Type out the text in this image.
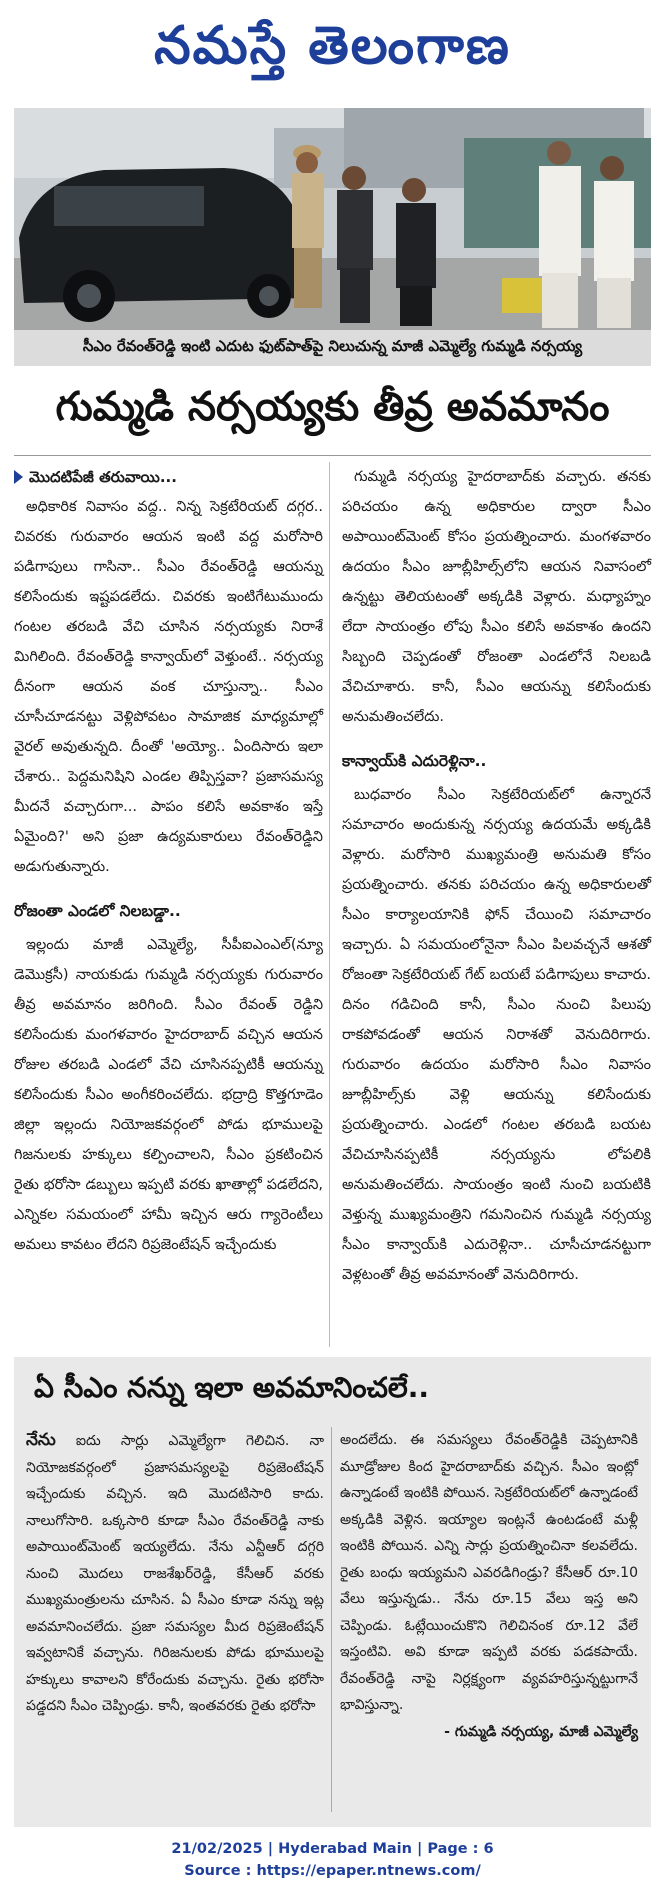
నమస్తే తెలంగాణ
సీఎం రేవంత్‌రెడ్డి ఇంటి ఎదుట ఫుట్‌పాత్‌పై నిలుచున్న మాజీ ఎమ్మెల్యే గుమ్మడి నర్సయ్య
గుమ్మడి నర్సయ్యకు తీవ్ర అవమానం

మొదటిపేజీ తరువాయి...

అధికారిక నివాసం వద్ద.. నిన్న సెక్రటేరియట్ దగ్గర.. చివరకు గురువారం ఆయన ఇంటి వద్ద మరోసారి పడిగాపులు గాసినా.. సీఎం రేవంత్‌రెడ్డి ఆయన్ను కలిసేందుకు ఇష్టపడలేదు. చివరకు ఇంటిగేటుముందు గంటల తరబడి వేచి చూసిన నర్సయ్యకు నిరాశే మిగిలింది. రేవంత్‌రెడ్డి కాన్వాయ్‌లో వెళ్తుంటే.. నర్సయ్య దీనంగా ఆయన వంక చూస్తున్నా.. సీఎం చూసీచూడనట్టు వెళ్లిపోవటం సామాజిక మాధ్యమాల్లో వైరల్ అవుతున్నది. దీంతో 'అయ్యో.. ఏందిసారు ఇలా చేశారు.. పెద్దమనిషిని ఎండల తిప్పిస్తవా? ప్రజాసమస్య మీదనే వచ్చారుగా... పాపం కలిసే అవకాశం ఇస్తే ఏమైంది?' అని ప్రజా ఉద్యమకారులు రేవంత్‌రెడ్డిని అడుగుతున్నారు.

రోజంతా ఎండలో నిలబడ్డా..

ఇల్లందు మాజీ ఎమ్మెల్యే, సీపీఐఎంఎల్(న్యూ డెమొక్రసీ) నాయకుడు గుమ్మడి నర్సయ్యకు గురువారం తీవ్ర అవమానం జరిగింది. సీఎం రేవంత్ రెడ్డిని కలిసేందుకు మంగళవారం హైదరాబాద్ వచ్చిన ఆయన రోజుల తరబడి ఎండలో వేచి చూసినప్పటికీ ఆయన్ను కలిసేందుకు సీఎం అంగీకరించలేదు. భద్రాద్రి కొత్తగూడెం జిల్లా ఇల్లందు నియోజకవర్గంలో పోడు భూములపై గిజనులకు హక్కులు కల్పించాలని, సీఎం ప్రకటించిన రైతు భరోసా డబ్బులు ఇప్పటి వరకు ఖాతాల్లో పడలేదని, ఎన్నికల సమయంలో హామీ ఇచ్చిన ఆరు గ్యారెంటీలు అమలు కావటం లేదని రిప్రజెంటేషన్ ఇచ్చేందుకు

గుమ్మడి నర్సయ్య హైదరాబాద్‌కు వచ్చారు. తనకు పరిచయం ఉన్న అధికారుల ద్వారా సీఎం అపాయింట్‌మెంట్ కోసం ప్రయత్నించారు. మంగళవారం ఉదయం సీఎం జూబ్లీహిల్స్‌లోని ఆయన నివాసంలో ఉన్నట్టు తెలియటంతో అక్కడికి వెళ్లారు. మధ్యాహ్నం లేదా సాయంత్రం లోపు సీఎం కలిసే అవకాశం ఉందని సిబ్బంది చెప్పడంతో రోజంతా ఎండలోనే నిలబడి వేచిచూశారు. కానీ, సీఎం ఆయన్ను కలిసేందుకు అనుమతించలేదు.

కాన్వాయ్‌కి ఎదురెళ్లినా..

బుధవారం సీఎం సెక్రటేరియట్‌లో ఉన్నారనే సమాచారం అందుకున్న నర్సయ్య ఉదయమే అక్కడికి వెళ్లారు. మరోసారి ముఖ్యమంత్రి అనుమతి కోసం ప్రయత్నించారు. తనకు పరిచయం ఉన్న అధికారులతో సీఎం కార్యాలయానికి ఫోన్ చేయించి సమాచారం ఇచ్చారు. ఏ సమయంలోనైనా సీఎం పిలవచ్చనే ఆశతో రోజంతా సెక్రటేరియట్ గేట్ బయటే పడిగాపులు కాచారు. దినం గడిచింది కానీ, సీఎం నుంచి పిలుపు రాకపోవడంతో ఆయన నిరాశతో వెనుదిరిగారు. గురువారం ఉదయం మరోసారి సీఎం నివాసం జూబ్లీహిల్స్‌కు వెళ్లి ఆయన్ను కలిసేందుకు ప్రయత్నించారు. ఎండలో గంటల తరబడి బయట వేచిచూసినప్పటికీ నర్సయ్యను లోపలికి అనుమతించలేదు. సాయంత్రం ఇంటి నుంచి బయటికి వెళ్తున్న ముఖ్యమంత్రిని గమనించిన గుమ్మడి నర్సయ్య సీఎం కాన్వాయ్‌కి ఎదురెళ్లినా.. చూసీచూడనట్టుగా వెళ్లటంతో తీవ్ర అవమానంతో వెనుదిరిగారు.

ఏ సీఎం నన్ను ఇలా అవమానించలే..
నేను ఐదు సార్లు ఎమ్మెల్యేగా గెలిచిన. నా నియోజకవర్గంలో ప్రజాసమస్యలపై రిప్రజెంటేషన్ ఇచ్చేందుకు వచ్చిన. ఇది మొదటిసారి కాదు. నాలుగోసారి. ఒక్కసారి కూడా సీఎం రేవంత్‌రెడ్డి నాకు అపాయింట్‌మెంట్ ఇయ్యలేదు. నేను ఎన్టీఆర్ దగ్గరి నుంచి మొదలు రాజశేఖర్‌రెడ్డి, కేసీఆర్ వరకు ముఖ్యమంత్రులను చూసిన. ఏ సీఎం కూడా నన్ను ఇట్ల అవమానించలేదు. ప్రజా సమస్యల మీద రిప్రజెంటేషన్ ఇవ్వటానికే వచ్చాను. గిరిజనులకు పోడు భూములపై హక్కులు కావాలని కోరేందుకు వచ్చాను. రైతు భరోసా పడ్డదని సీఎం చెప్పిండ్రు. కానీ, ఇంతవరకు రైతు భరోసా

అందలేదు. ఈ సమస్యలు రేవంత్‌రెడ్డికి చెప్పటానికి మూడ్రోజుల కింద హైదరాబాద్‌కు వచ్చిన. సీఎం ఇంట్లో ఉన్నాడంటే ఇంటికి పోయిన. సెక్రటేరియట్‌లో ఉన్నాడంటే అక్కడికి వెళ్లిన. ఇయ్యాల ఇంట్లనే ఉంటడంటే మళ్లీ ఇంటికి పోయిన. ఎన్ని సార్లు ప్రయత్నించినా కలవలేదు. రైతు బంధు ఇయ్యమని ఎవరడిగిండ్రు? కేసీఆర్ రూ.10 వేలు ఇస్తున్నడు.. నేను రూ.15 వేలు ఇస్త అని చెప్పిండు. ఓట్లేయించుకొని గెలిచినంక రూ.12 వేలే ఇస్తంటివి. అవి కూడా ఇప్పటి వరకు పడకపాయే. రేవంత్‌రెడ్డి నాపై నిర్లక్ష్యంగా వ్యవహరిస్తున్నట్టుగానే భావిస్తున్నా.

- గుమ్మడి నర్సయ్య, మాజీ ఎమ్మెల్యే

21/02/2025 | Hyderabad Main | Page : 6
Source : https://epaper.ntnews.com/
